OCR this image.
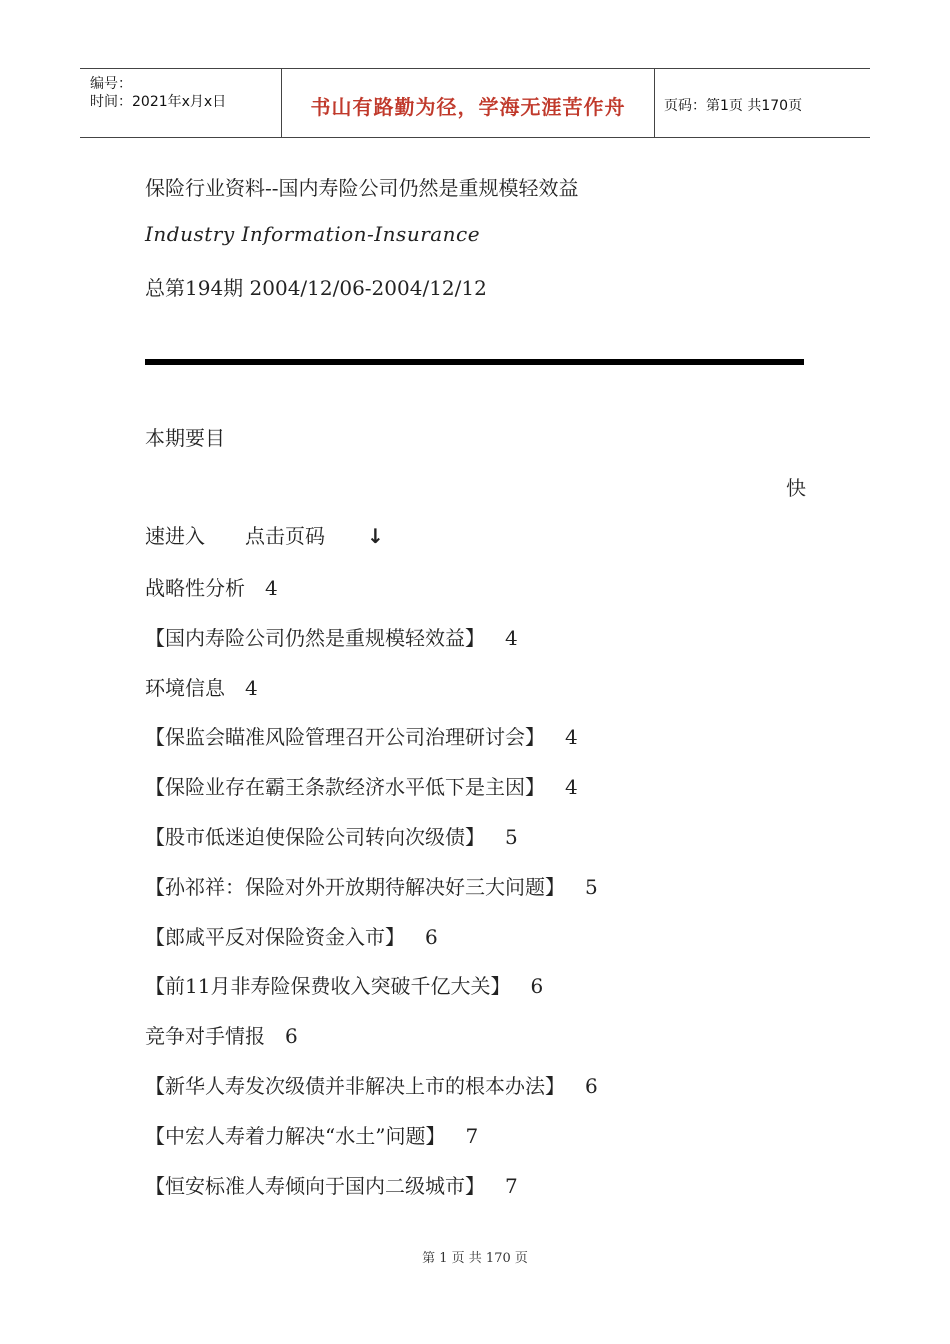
编号：
时间：2021年x月x日	书山有路勤为径，学海无涯苦作舟	页码：第1页 共170页
保险行业资料--国内寿险公司仍然是重规模轻效益
Industry Information-Insurance
总第194期 2004/12/06-2004/12/12
本期要目
快
速进入 点击页码 ↓
战略性分析 4
【国内寿险公司仍然是重规模轻效益】 4
环境信息 4
【保监会瞄准风险管理召开公司治理研讨会】 4
【保险业存在霸王条款经济水平低下是主因】 4
【股市低迷迫使保险公司转向次级债】 5
【孙祁祥：保险对外开放期待解决好三大问题】 5
【郎咸平反对保险资金入市】 6
【前11月非寿险保费收入突破千亿大关】 6
竞争对手情报 6
【新华人寿发次级债并非解决上市的根本办法】 6
【中宏人寿着力解决“水土”问题】 7
【恒安标准人寿倾向于国内二级城市】 7
第 1 页 共 170 页
